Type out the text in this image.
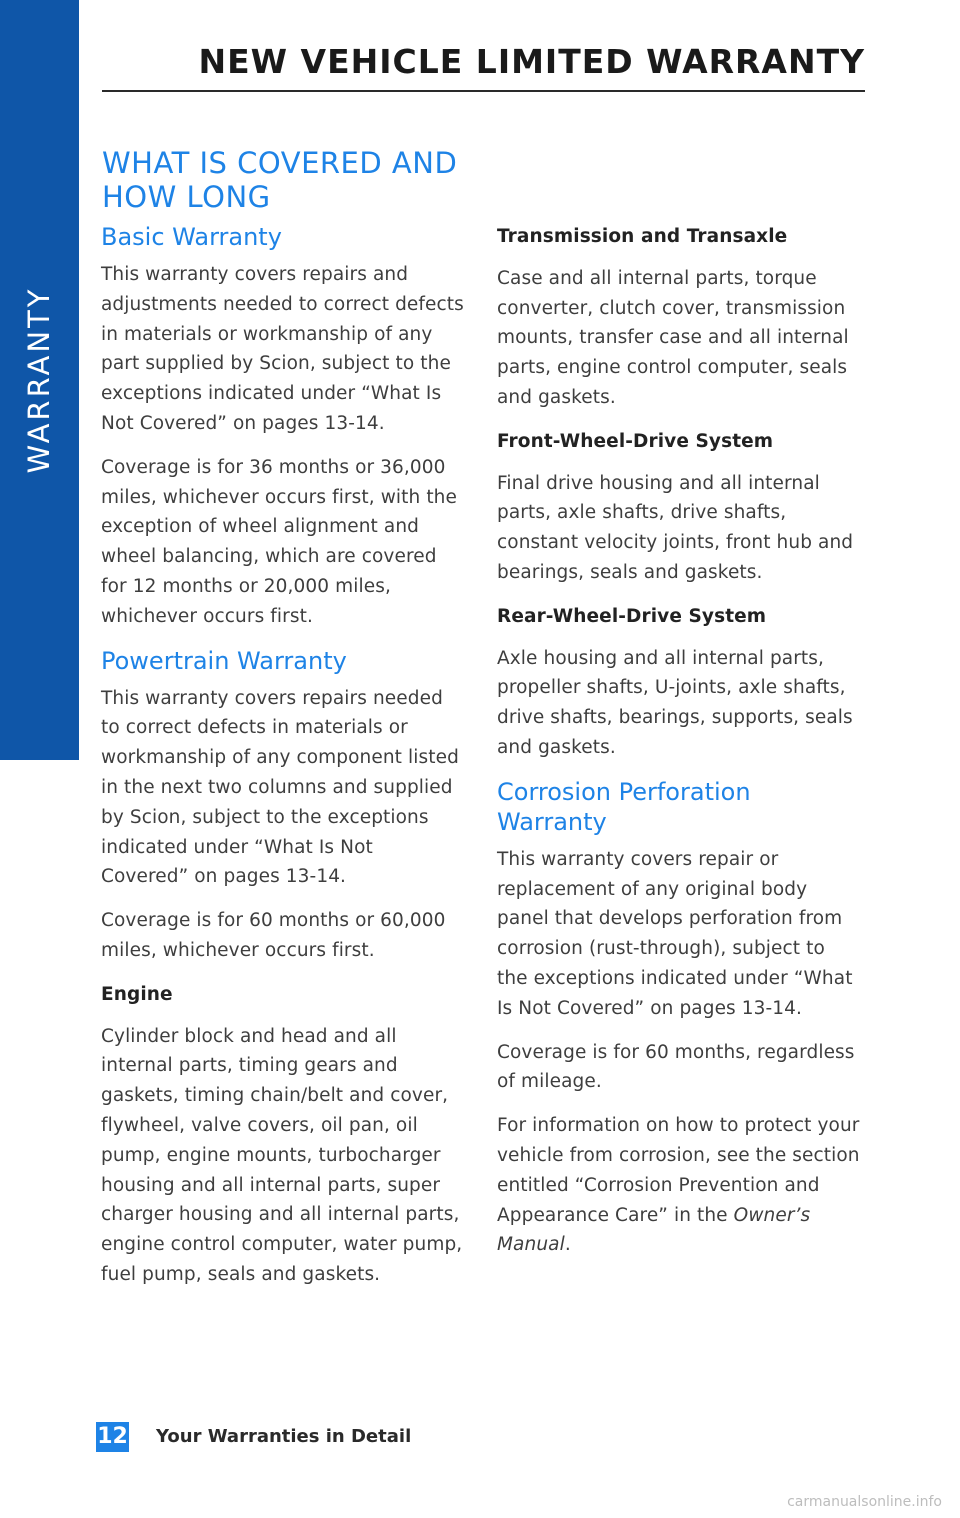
WARRANTY
NEW VEHICLE LIMITED WARRANTY
WHAT IS COVERED AND
HOW LONG
Basic Warranty

This warranty covers repairs and adjustments needed to correct defects in materials or workmanship of any part supplied by Scion, subject to the exceptions indicated under “What Is Not Covered” on pages 13-14.

Coverage is for 36 months or 36,000 miles, whichever occurs first, with the exception of wheel alignment and wheel balancing, which are covered for 12 months or 20,000 miles, whichever occurs first.

Powertrain Warranty

This warranty covers repairs needed to correct defects in materials or workmanship of any component listed in the next two columns and supplied by Scion, subject to the exceptions indicated under “What Is Not Covered” on pages 13-14.

Coverage is for 60 months or 60,000 miles, whichever occurs first.

Engine

Cylinder block and head and all internal parts, timing gears and gaskets, timing chain/belt and cover, flywheel, valve covers, oil pan, oil pump, engine mounts, turbocharger housing and all internal parts, super charger housing and all internal parts, engine control computer, water pump, fuel pump, seals and gaskets.

Transmission and Transaxle

Case and all internal parts, torque converter, clutch cover, transmission mounts, transfer case and all internal parts, engine control computer, seals and gaskets.

Front-Wheel-Drive System

Final drive housing and all internal parts, axle shafts, drive shafts, constant velocity joints, front hub and bearings, seals and gaskets.

Rear-Wheel-Drive System

Axle housing and all internal parts, propeller shafts, U-joints, axle shafts, drive shafts, bearings, supports, seals and gaskets.

Corrosion Perforation Warranty

This warranty covers repair or replacement of any original body panel that develops perforation from corrosion (rust-through), subject to the exceptions indicated under “What Is Not Covered” on pages 13-14.

Coverage is for 60 months, regardless of mileage.

For information on how to protect your vehicle from corrosion, see the section entitled “Corrosion Prevention and Appearance Care” in the Owner’s Manual.

12 Your Warranties in Detail
carmanualsonline.info
